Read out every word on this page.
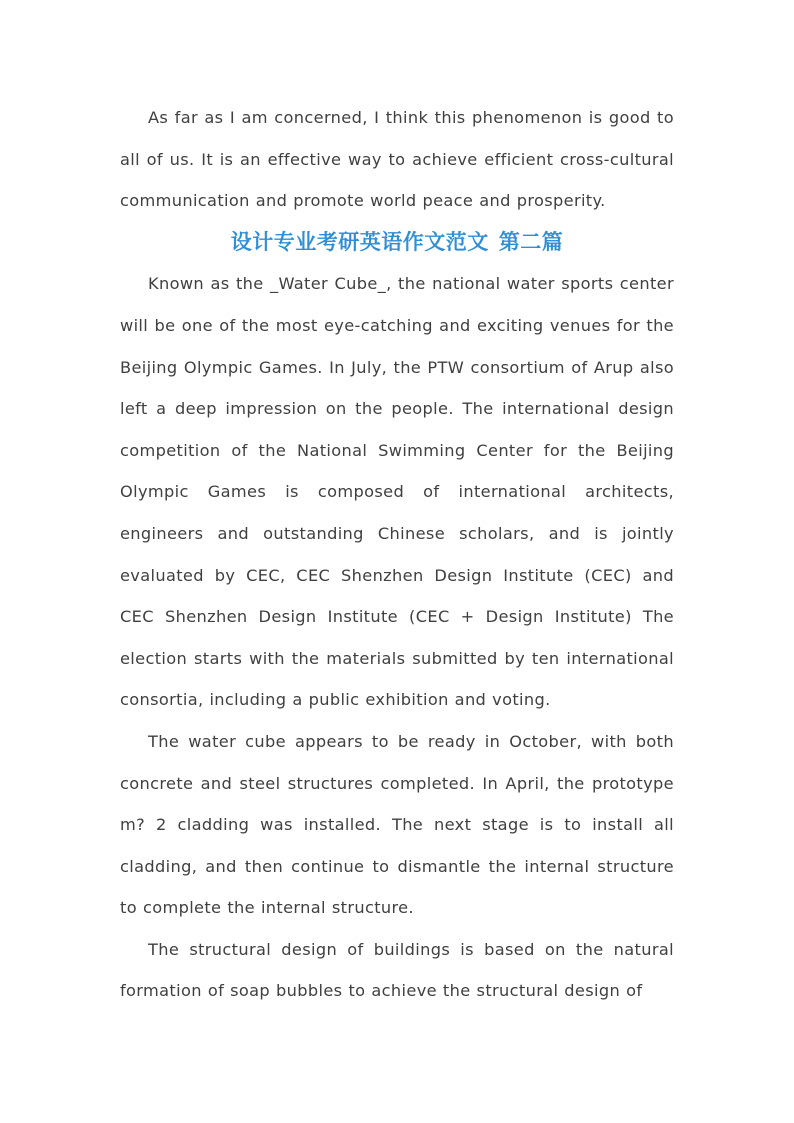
As far as I am concerned, I think this phenomenon is good to all of us. It is an effective way to achieve efficient cross-cultural communication and promote world peace and prosperity.

设计专业考研英语作文范文 第二篇

Known as the _Water Cube_, the national water sports center will be one of the most eye-catching and exciting venues for the Beijing Olympic Games. In July, the PTW consortium of Arup also left a deep impression on the people. The international design competition of the National Swimming Center for the Beijing Olympic Games is composed of international architects, engineers and outstanding Chinese scholars, and is jointly evaluated by CEC, CEC Shenzhen Design Institute (CEC) and CEC Shenzhen Design Institute (CEC + Design Institute) The election starts with the materials submitted by ten international consortia, including a public exhibition and voting.

The water cube appears to be ready in October, with both concrete and steel structures completed. In April, the prototype m? 2 cladding was installed. The next stage is to install all cladding, and then continue to dismantle the internal structure to complete the internal structure.

The structural design of buildings is based on the natural formation of soap bubbles to achieve the structural design of
